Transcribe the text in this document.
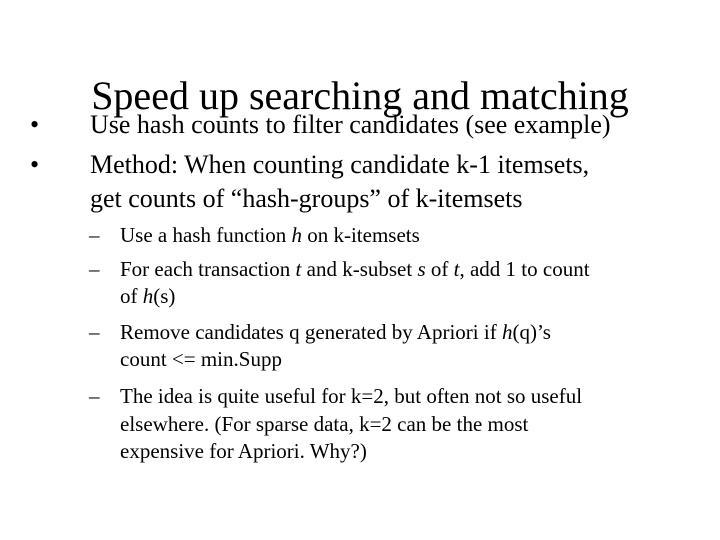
Speed up searching and matching
•	Use hash counts to filter candidates (see example)
•	Method: When counting candidate k-1 itemsets,
get counts of “hash-groups” of k-itemsets
– Use a hash function h on k-itemsets
– For each transaction t and k-subset s of t, add 1 to count
of h(s)
– Remove candidates q generated by Apriori if h(q)’s
count <= min.Supp
– The idea is quite useful for k=2, but often not so useful
elsewhere. (For sparse data, k=2 can be the most
expensive for Apriori. Why?)
